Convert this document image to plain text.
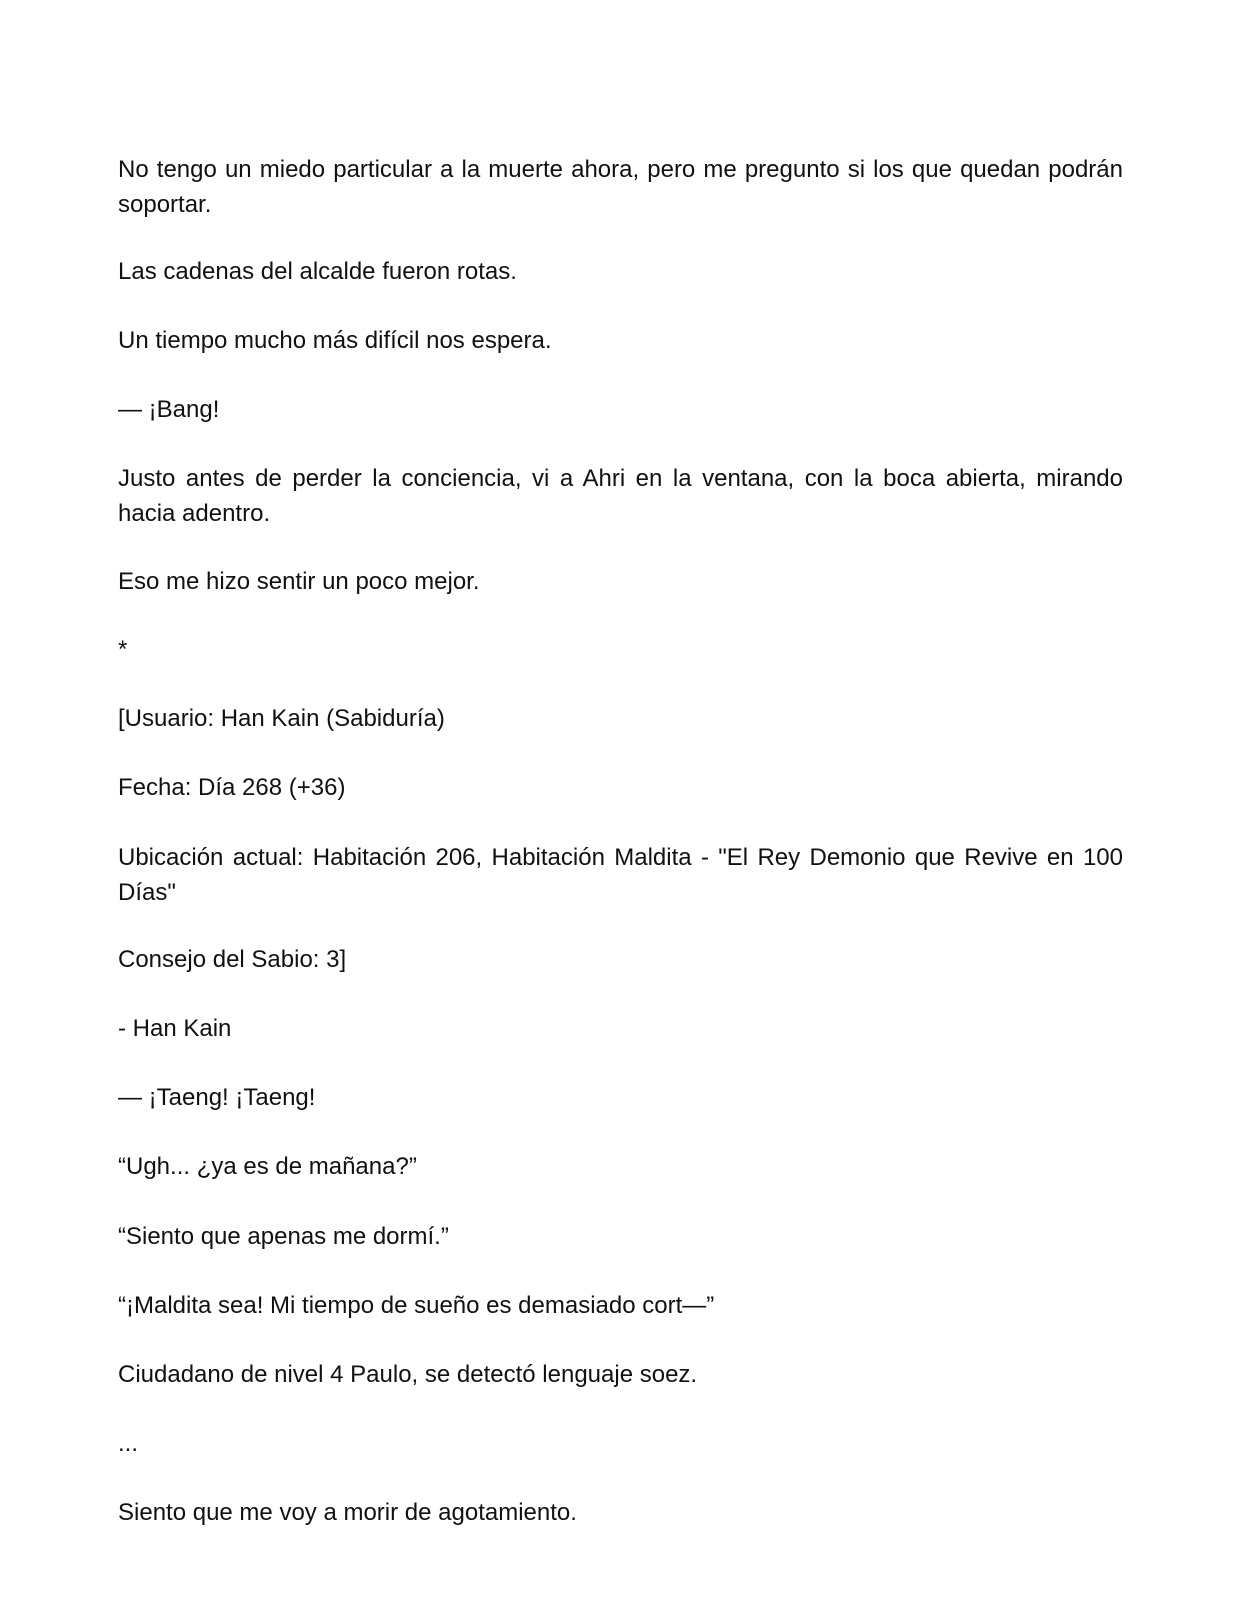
No tengo un miedo particular a la muerte ahora, pero me pregunto si los que quedan podrán soportar.

Las cadenas del alcalde fueron rotas.

Un tiempo mucho más difícil nos espera.

— ¡Bang!

Justo antes de perder la conciencia, vi a Ahri en la ventana, con la boca abierta, mirando hacia adentro.

Eso me hizo sentir un poco mejor.

*

[Usuario: Han Kain (Sabiduría)

Fecha: Día 268 (+36)

Ubicación actual: Habitación 206, Habitación Maldita - "El Rey Demonio que Revive en 100 Días"

Consejo del Sabio: 3]

- Han Kain

— ¡Taeng! ¡Taeng!

“Ugh... ¿ya es de mañana?”

“Siento que apenas me dormí.”

“¡Maldita sea! Mi tiempo de sueño es demasiado cort—”

Ciudadano de nivel 4 Paulo, se detectó lenguaje soez.

...

Siento que me voy a morir de agotamiento.
